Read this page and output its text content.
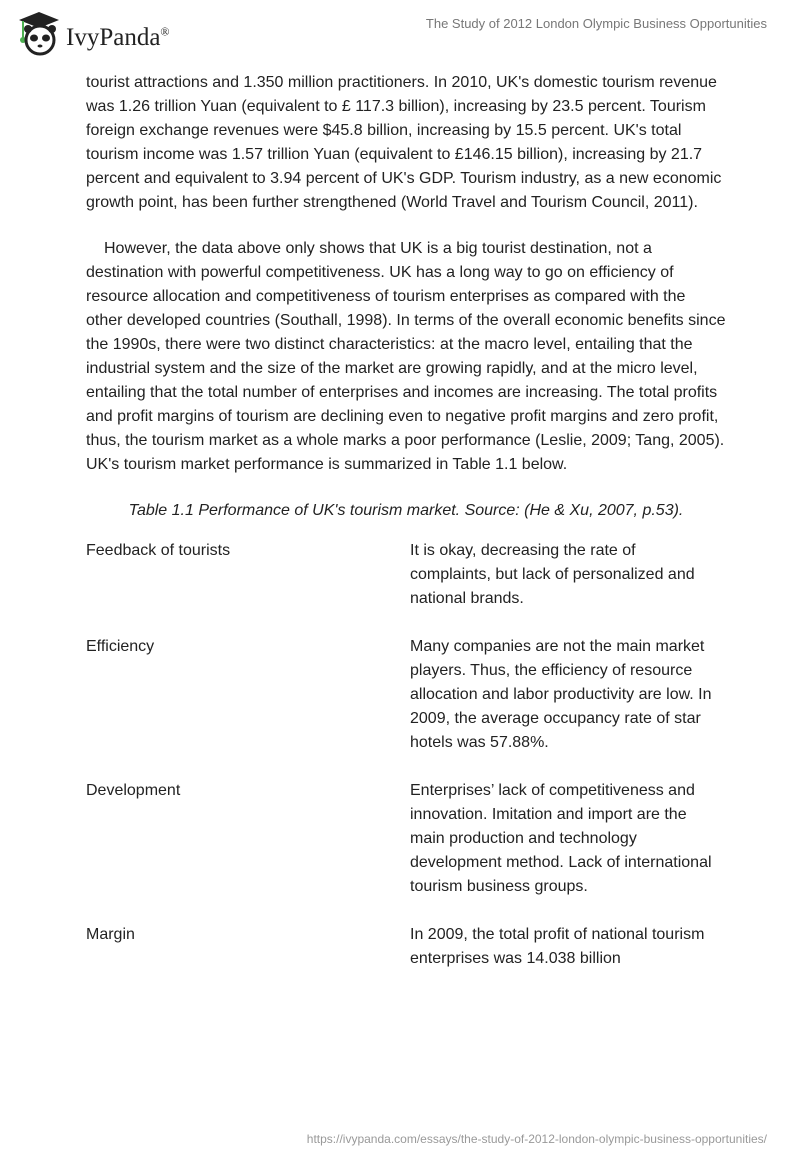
IvyPanda®
The Study of 2012 London Olympic Business Opportunities

tourist attractions and 1.350 million practitioners. In 2010, UK's domestic tourism revenue was 1.26 trillion Yuan (equivalent to £ 117.3 billion), increasing by 23.5 percent. Tourism foreign exchange revenues were $45.8 billion, increasing by 15.5 percent. UK's total tourism income was 1.57 trillion Yuan (equivalent to £146.15 billion), increasing by 21.7 percent and equivalent to 3.94 percent of UK's GDP. Tourism industry, as a new economic growth point, has been further strengthened (World Travel and Tourism Council, 2011).

However, the data above only shows that UK is a big tourist destination, not a destination with powerful competitiveness. UK has a long way to go on efficiency of resource allocation and competitiveness of tourism enterprises as compared with the other developed countries (Southall, 1998). In terms of the overall economic benefits since the 1990s, there were two distinct characteristics: at the macro level, entailing that the industrial system and the size of the market are growing rapidly, and at the micro level, entailing that the total number of enterprises and incomes are increasing. The total profits and profit margins of tourism are declining even to negative profit margins and zero profit, thus, the tourism market as a whole marks a poor performance (Leslie, 2009; Tang, 2005). UK's tourism market performance is summarized in Table 1.1 below.

Table 1.1 Performance of UK's tourism market. Source: (He & Xu, 2007, p.53).
Feedback of tourists	It is okay, decreasing the rate of complaints, but lack of personalized and national brands.
Efficiency	Many companies are not the main market players. Thus, the efficiency of resource allocation and labor productivity are low. In 2009, the average occupancy rate of star hotels was 57.88%.
Development	Enterprises’ lack of competitiveness and innovation. Imitation and import are the main production and technology development method. Lack of international tourism business groups.
Margin	In 2009, the total profit of national tourism enterprises was 14.038 billion
https://ivypanda.com/essays/the-study-of-2012-london-olympic-business-opportunities/
